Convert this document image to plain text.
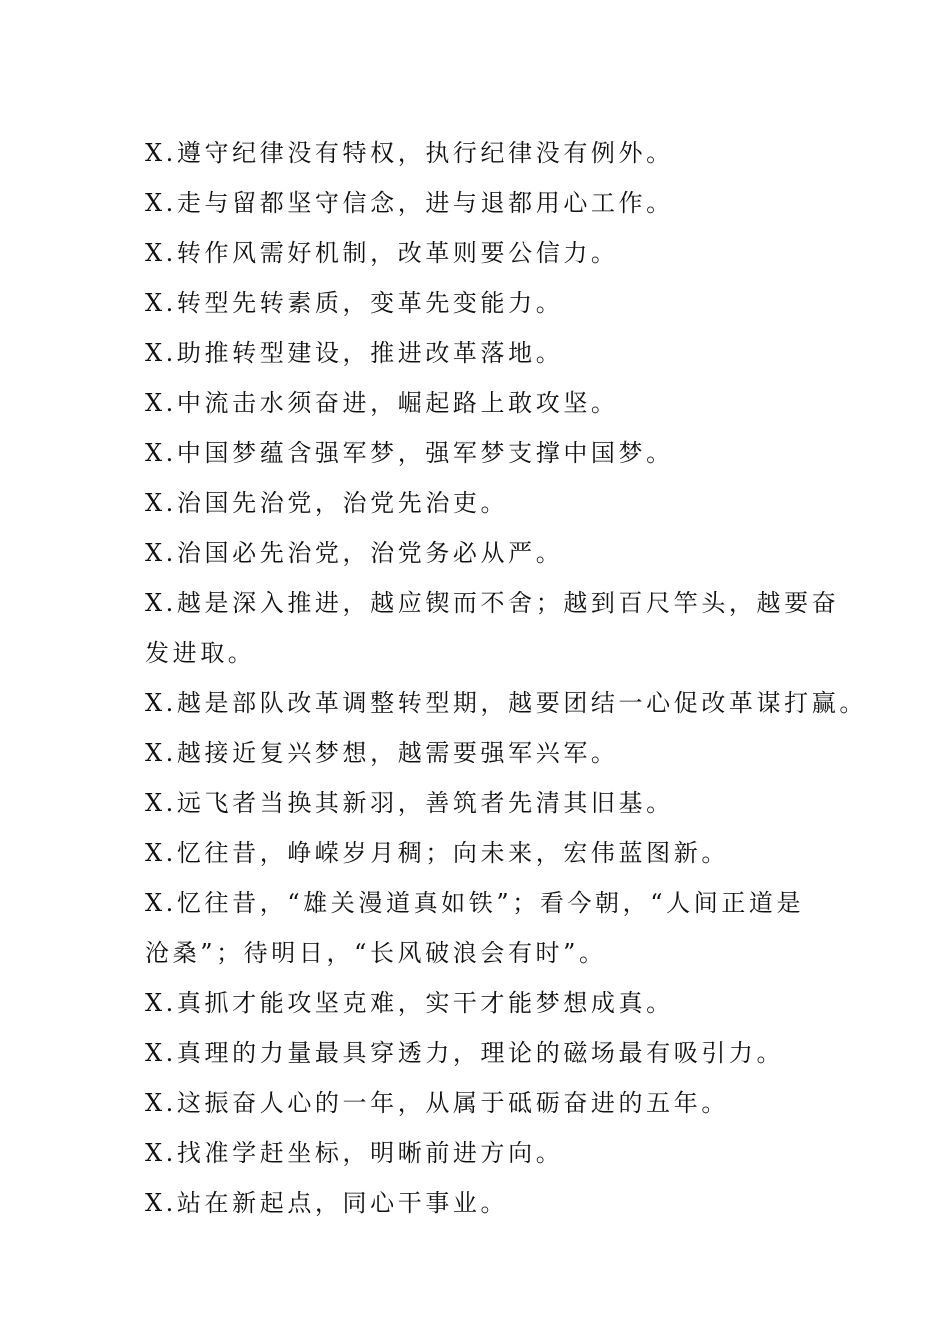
X.遵守纪律没有特权，执行纪律没有例外。
X.走与留都坚守信念，进与退都用心工作。
X.转作风需好机制，改革则要公信力。
X.转型先转素质，变革先变能力。
X.助推转型建设，推进改革落地。
X.中流击水须奋进，崛起路上敢攻坚。
X.中国梦蕴含强军梦，强军梦支撑中国梦。
X.治国先治党，治党先治吏。
X.治国必先治党，治党务必从严。
X.越是深入推进，越应锲而不舍；越到百尺竿头，越要奋
发进取。
X.越是部队改革调整转型期，越要团结一心促改革谋打赢。
X.越接近复兴梦想，越需要强军兴军。
X.远飞者当换其新羽，善筑者先清其旧基。
X.忆往昔，峥嵘岁月稠；向未来，宏伟蓝图新。
X.忆往昔，“雄关漫道真如铁”；看今朝，“人间正道是
沧桑”；待明日，“长风破浪会有时”。
X.真抓才能攻坚克难，实干才能梦想成真。
X.真理的力量最具穿透力，理论的磁场最有吸引力。
X.这振奋人心的一年，从属于砥砺奋进的五年。
X.找准学赶坐标，明晰前进方向。
X.站在新起点，同心干事业。
